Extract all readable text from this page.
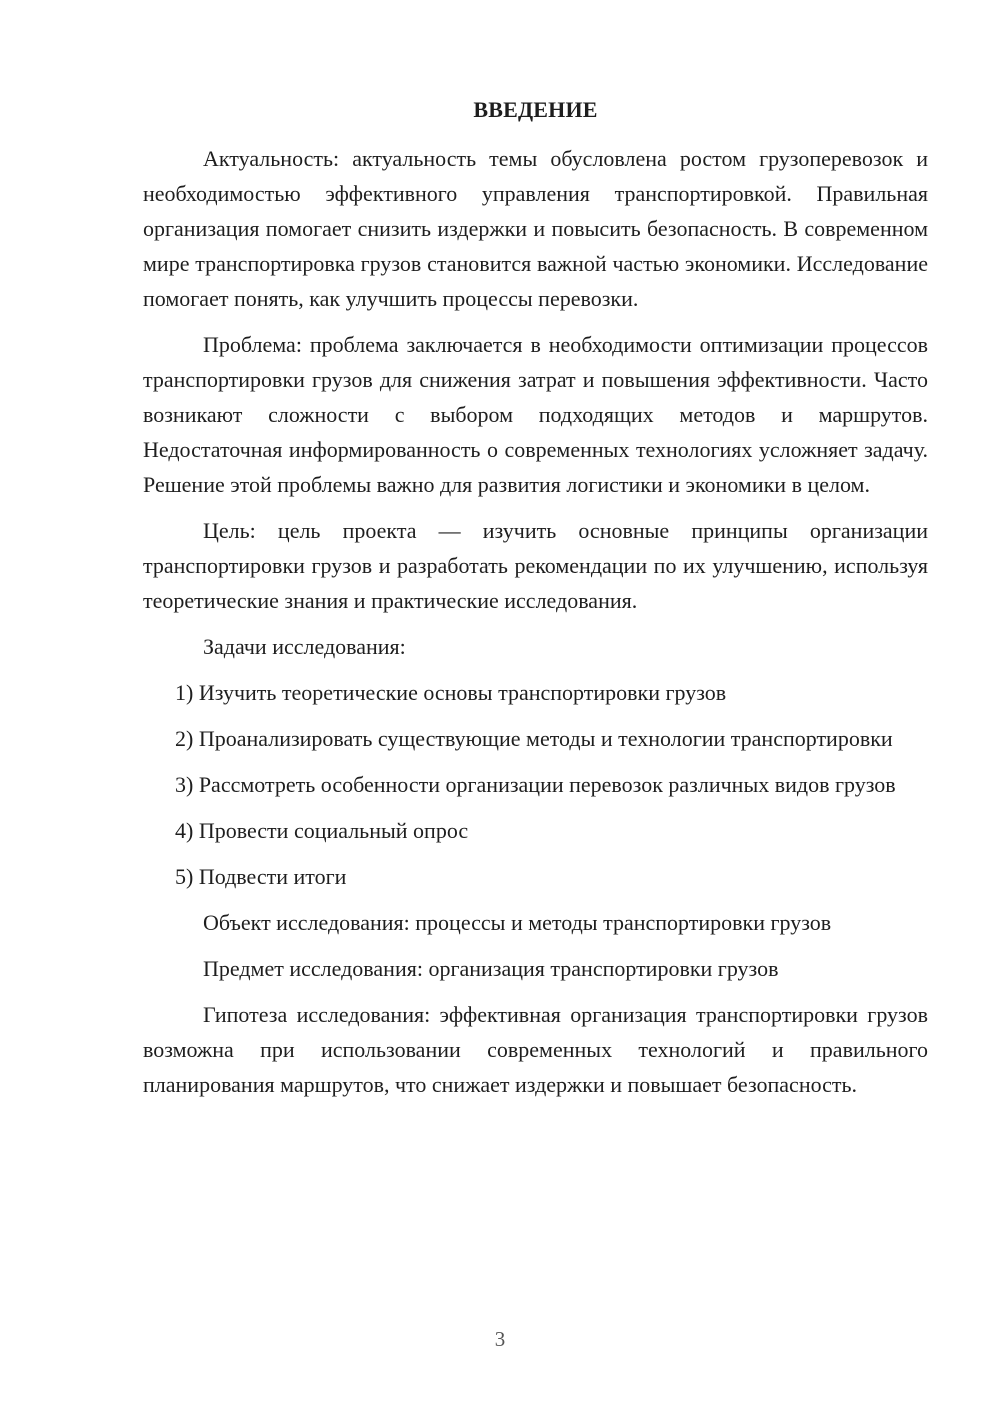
ВВЕДЕНИЕ

Актуальность: актуальность темы обусловлена ростом грузоперевозок и необходимостью эффективного управления транспортировкой. Правильная организация помогает снизить издержки и повысить безопасность. В современном мире транспортировка грузов становится важной частью экономики. Исследование помогает понять, как улучшить процессы перевозки.

Проблема: проблема заключается в необходимости оптимизации процессов транспортировки грузов для снижения затрат и повышения эффективности. Часто возникают сложности с выбором подходящих методов и маршрутов. Недостаточная информированность о современных технологиях усложняет задачу. Решение этой проблемы важно для развития логистики и экономики в целом.

Цель: цель проекта — изучить основные принципы организации транспортировки грузов и разработать рекомендации по их улучшению, используя теоретические знания и практические исследования.

Задачи исследования:

1) Изучить теоретические основы транспортировки грузов

2) Проанализировать существующие методы и технологии транспортировки

3) Рассмотреть особенности организации перевозок различных видов грузов

4) Провести социальный опрос

5) Подвести итоги

Объект исследования: процессы и методы транспортировки грузов

Предмет исследования: организация транспортировки грузов

Гипотеза исследования: эффективная организация транспортировки грузов возможна при использовании современных технологий и правильного планирования маршрутов, что снижает издержки и повышает безопасность.

3
